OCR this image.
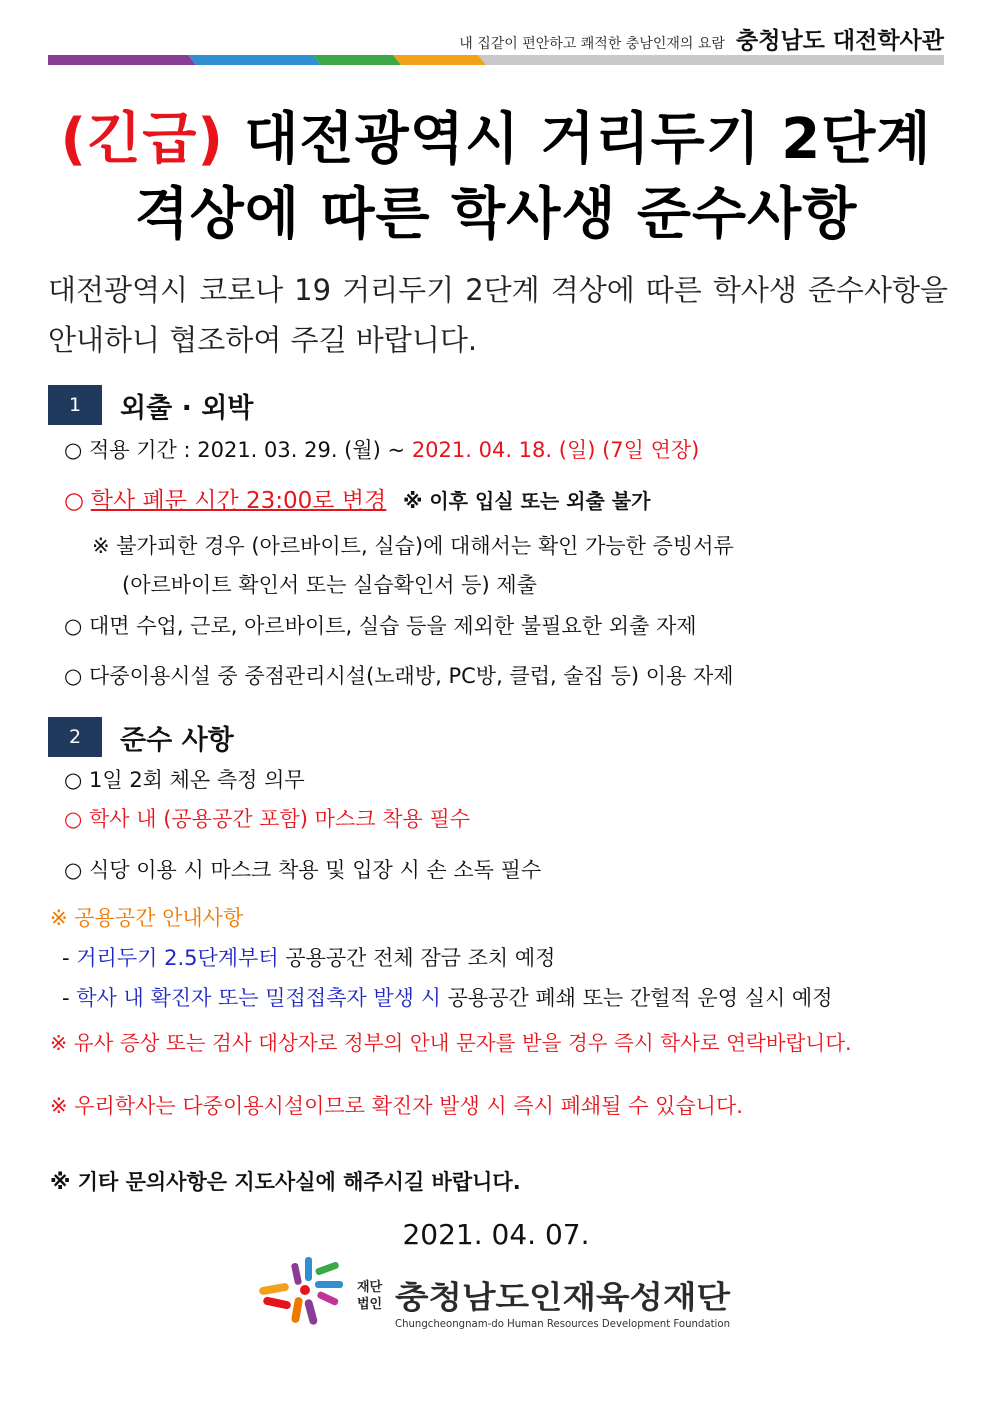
내 집같이 편안하고 쾌적한 충남인재의 요람 충청남도 대전학사관
(긴급) 대전광역시 거리두기 2단계
격상에 따른 학사생 준수사항
대전광역시 코로나 19 거리두기 2단계 격상에 따른 학사생 준수사항을 안내하니 협조하여 주길 바랍니다.
1	외출 · 외박
○ 적용 기간 : 2021. 03. 29. (월) ~ 2021. 04. 18. (일) (7일 연장)
○ 학사 폐문 시간 23:00로 변경 ※ 이후 입실 또는 외출 불가
※ 불가피한 경우 (아르바이트, 실습)에 대해서는 확인 가능한 증빙서류
(아르바이트 확인서 또는 실습확인서 등) 제출
○ 대면 수업, 근로, 아르바이트, 실습 등을 제외한 불필요한 외출 자제
○ 다중이용시설 중 중점관리시설(노래방, PC방, 클럽, 술집 등) 이용 자제
2	준수 사항
○ 1일 2회 체온 측정 의무
○ 학사 내 (공용공간 포함) 마스크 착용 필수
○ 식당 이용 시 마스크 착용 및 입장 시 손 소독 필수
※ 공용공간 안내사항
- 거리두기 2.5단계부터 공용공간 전체 잠금 조치 예정
- 학사 내 확진자 또는 밀접접촉자 발생 시 공용공간 폐쇄 또는 간헐적 운영 실시 예정
※ 유사 증상 또는 검사 대상자로 정부의 안내 문자를 받을 경우 즉시 학사로 연락바랍니다.
※ 우리학사는 다중이용시설이므로 확진자 발생 시 즉시 폐쇄될 수 있습니다.
※ 기타 문의사항은 지도사실에 해주시길 바랍니다.
2021. 04. 07.
재단
법인 충청남도인재육성재단
Chungcheongnam-do Human Resources Development Foundation
